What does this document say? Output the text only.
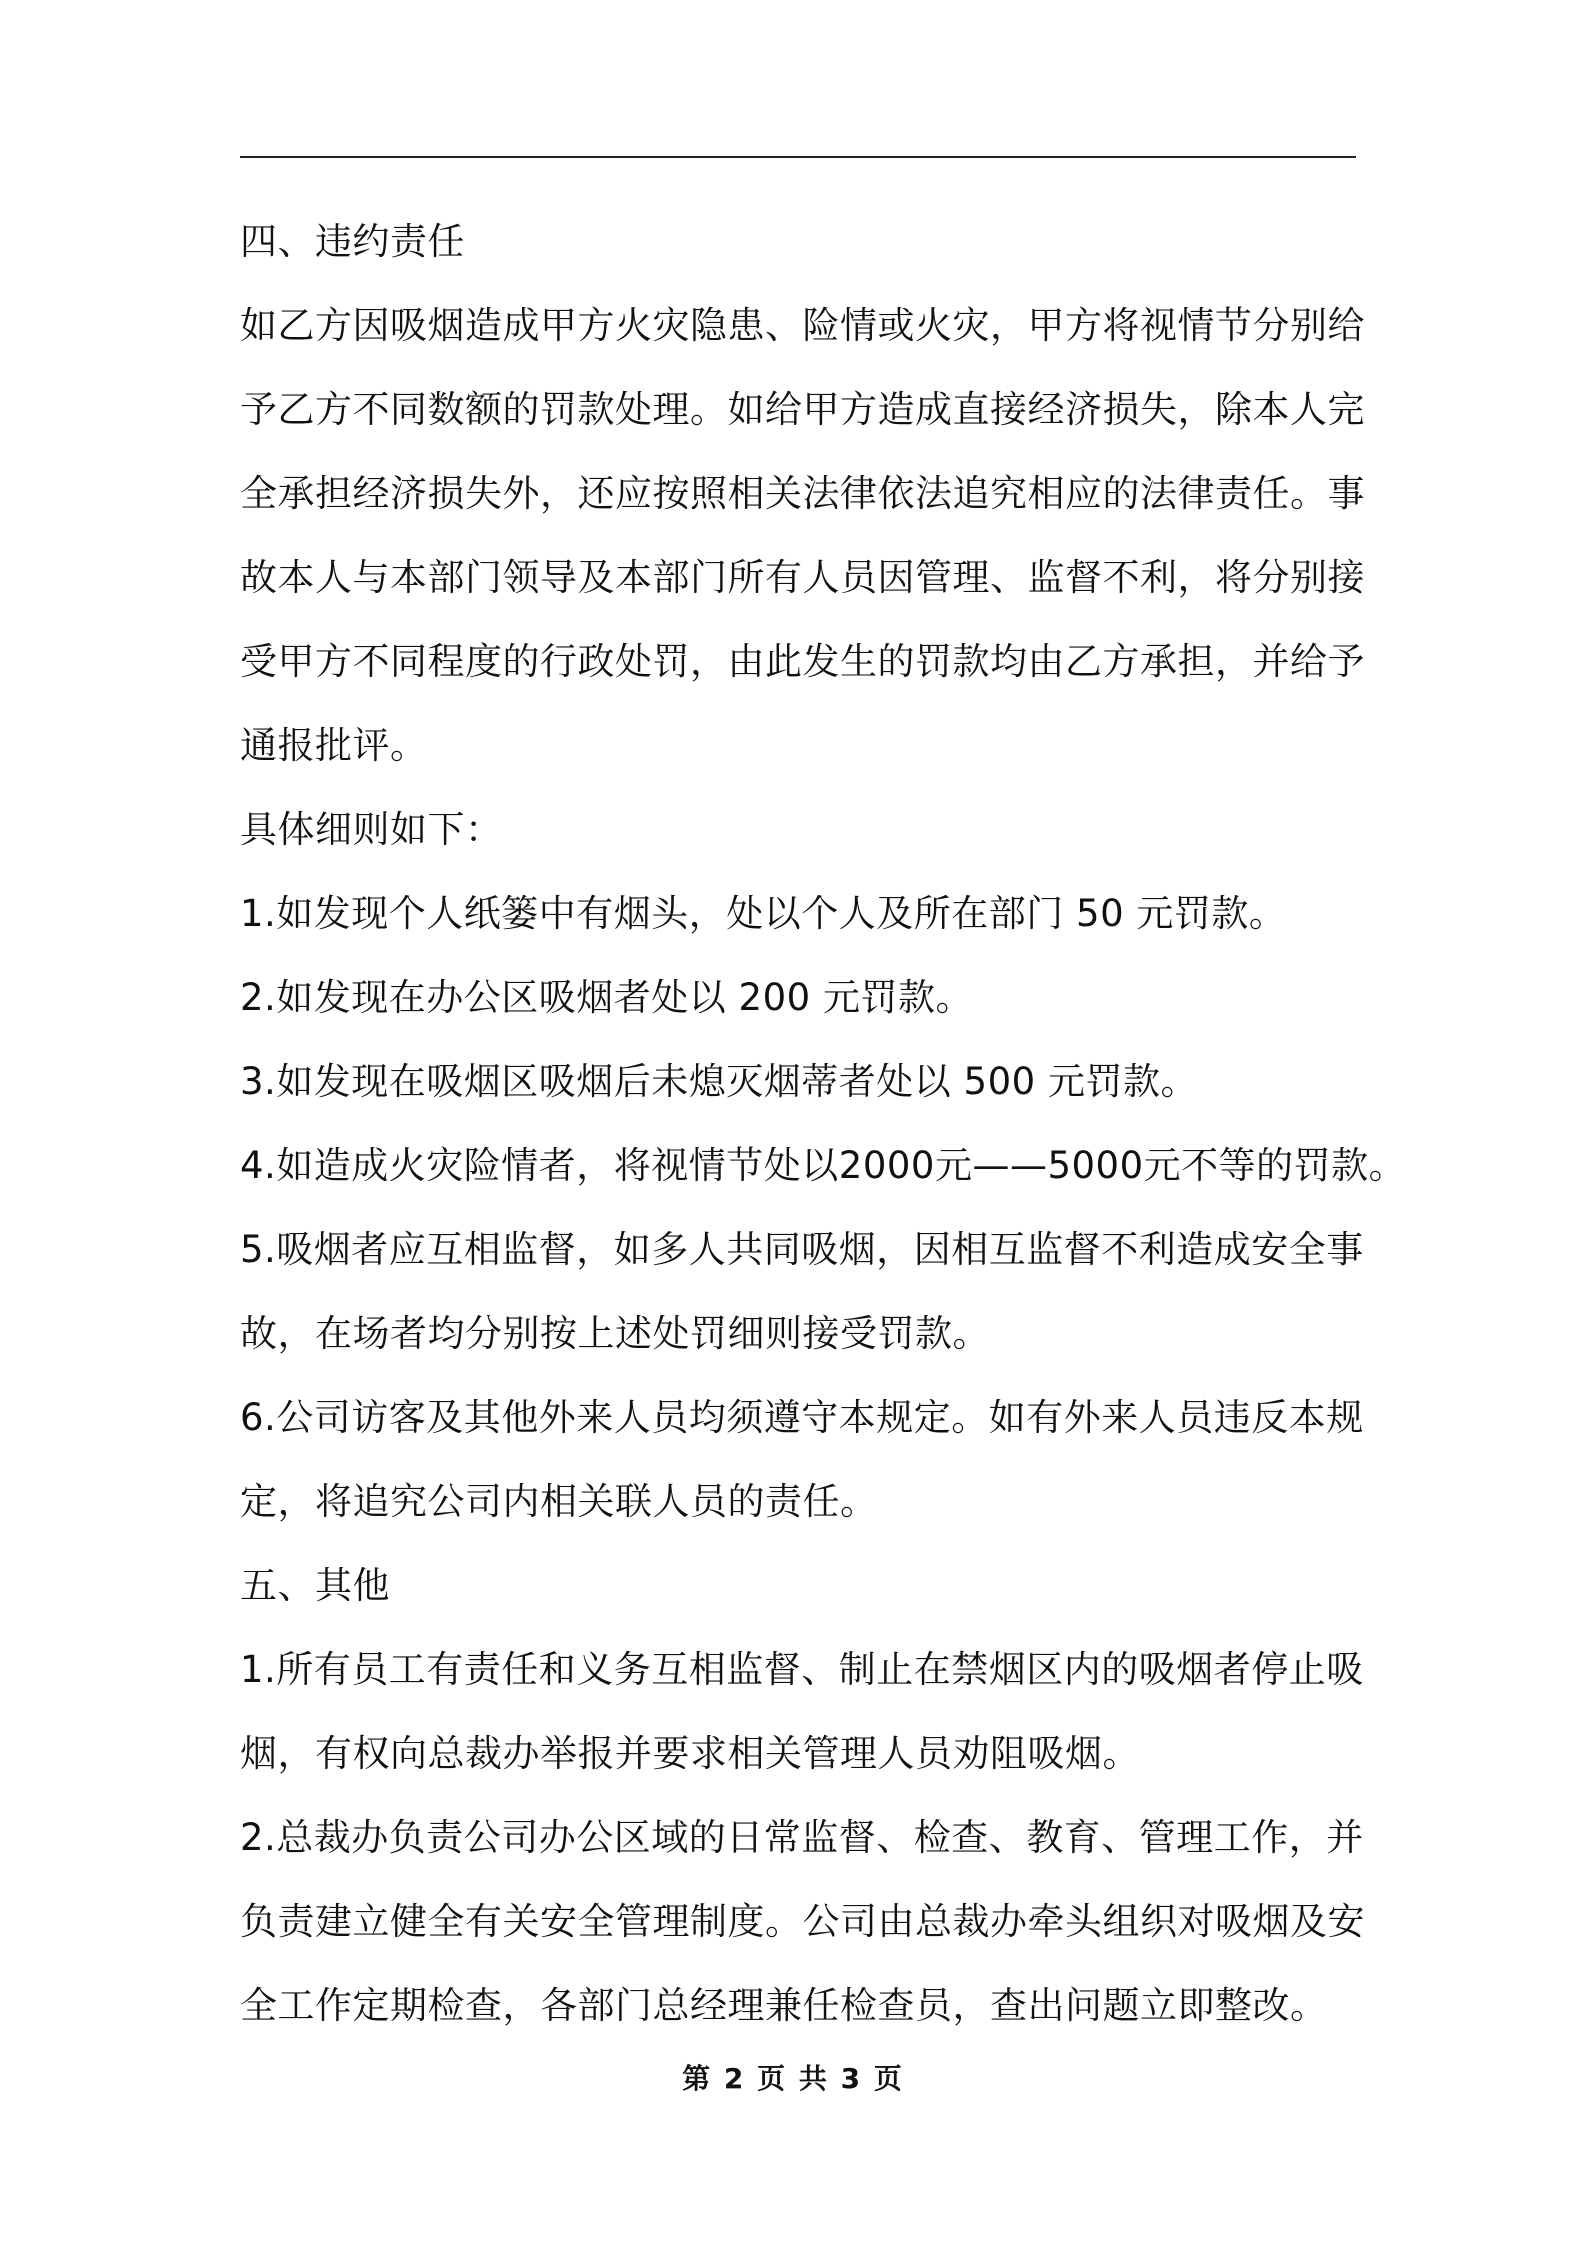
四、违约责任
如乙方因吸烟造成甲方火灾隐患、险情或火灾，甲方将视情节分别给
予乙方不同数额的罚款处理。如给甲方造成直接经济损失，除本人完
全承担经济损失外，还应按照相关法律依法追究相应的法律责任。事
故本人与本部门领导及本部门所有人员因管理、监督不利，将分别接
受甲方不同程度的行政处罚，由此发生的罚款均由乙方承担，并给予
通报批评。
具体细则如下：
1.如发现个人纸篓中有烟头，处以个人及所在部门 50 元罚款。
2.如发现在办公区吸烟者处以 200 元罚款。
3.如发现在吸烟区吸烟后未熄灭烟蒂者处以 500 元罚款。
4.如造成火灾险情者，将视情节处以2000元——5000元不等的罚款。
5.吸烟者应互相监督，如多人共同吸烟，因相互监督不利造成安全事
故，在场者均分别按上述处罚细则接受罚款。
6.公司访客及其他外来人员均须遵守本规定。如有外来人员违反本规
定，将追究公司内相关联人员的责任。
五、其他
1.所有员工有责任和义务互相监督、制止在禁烟区内的吸烟者停止吸
烟，有权向总裁办举报并要求相关管理人员劝阻吸烟。
2.总裁办负责公司办公区域的日常监督、检查、教育、管理工作，并
负责建立健全有关安全管理制度。公司由总裁办牵头组织对吸烟及安
全工作定期检查，各部门总经理兼任检查员，查出问题立即整改。
第 2 页 共 3 页
